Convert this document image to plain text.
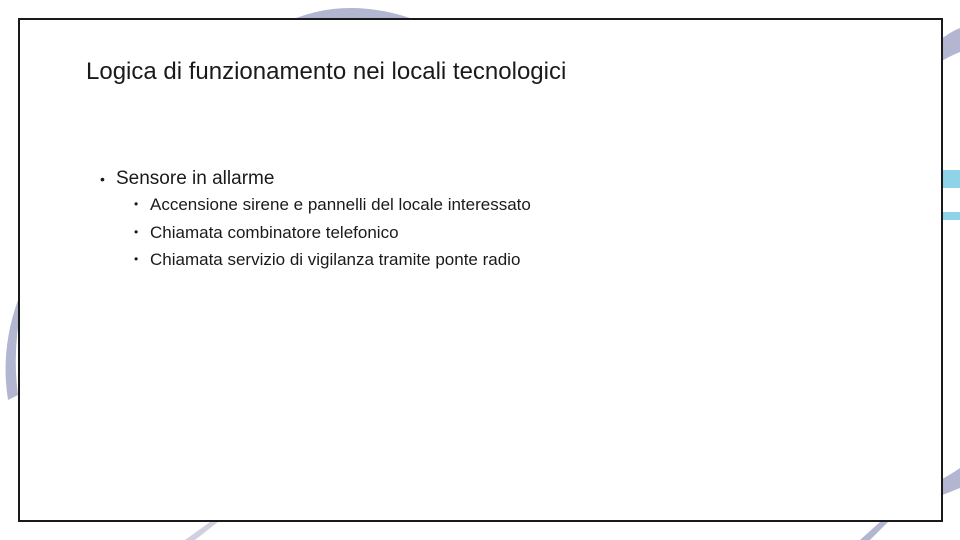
Logica di funzionamento nei locali tecnologici
• Sensore in allarme
• Accensione sirene e pannelli del locale interessato
• Chiamata combinatore telefonico
• Chiamata servizio di vigilanza tramite ponte radio
